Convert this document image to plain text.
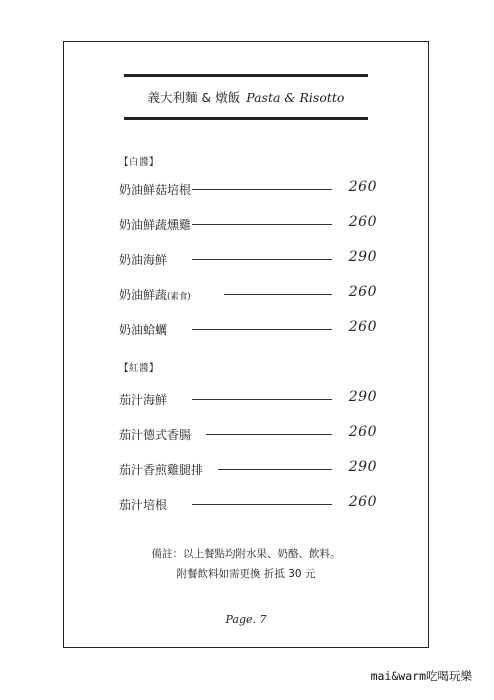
義大利麵 & 燉飯 Pasta & Risotto
【白醬】
奶油鮮菇培根	260
奶油鮮蔬燻雞	260
奶油海鮮	290
奶油鮮蔬(素食)	260
奶油蛤蠣	260
【紅醬】
茄汁海鮮	290
茄汁德式香腸	260
茄汁香煎雞腿排	290
茄汁培根	260
備註：以上餐點均附水果、奶酪、飲料。
附餐飲料如需更換 折抵 30 元
Page. 7
mai&warm吃喝玩樂
